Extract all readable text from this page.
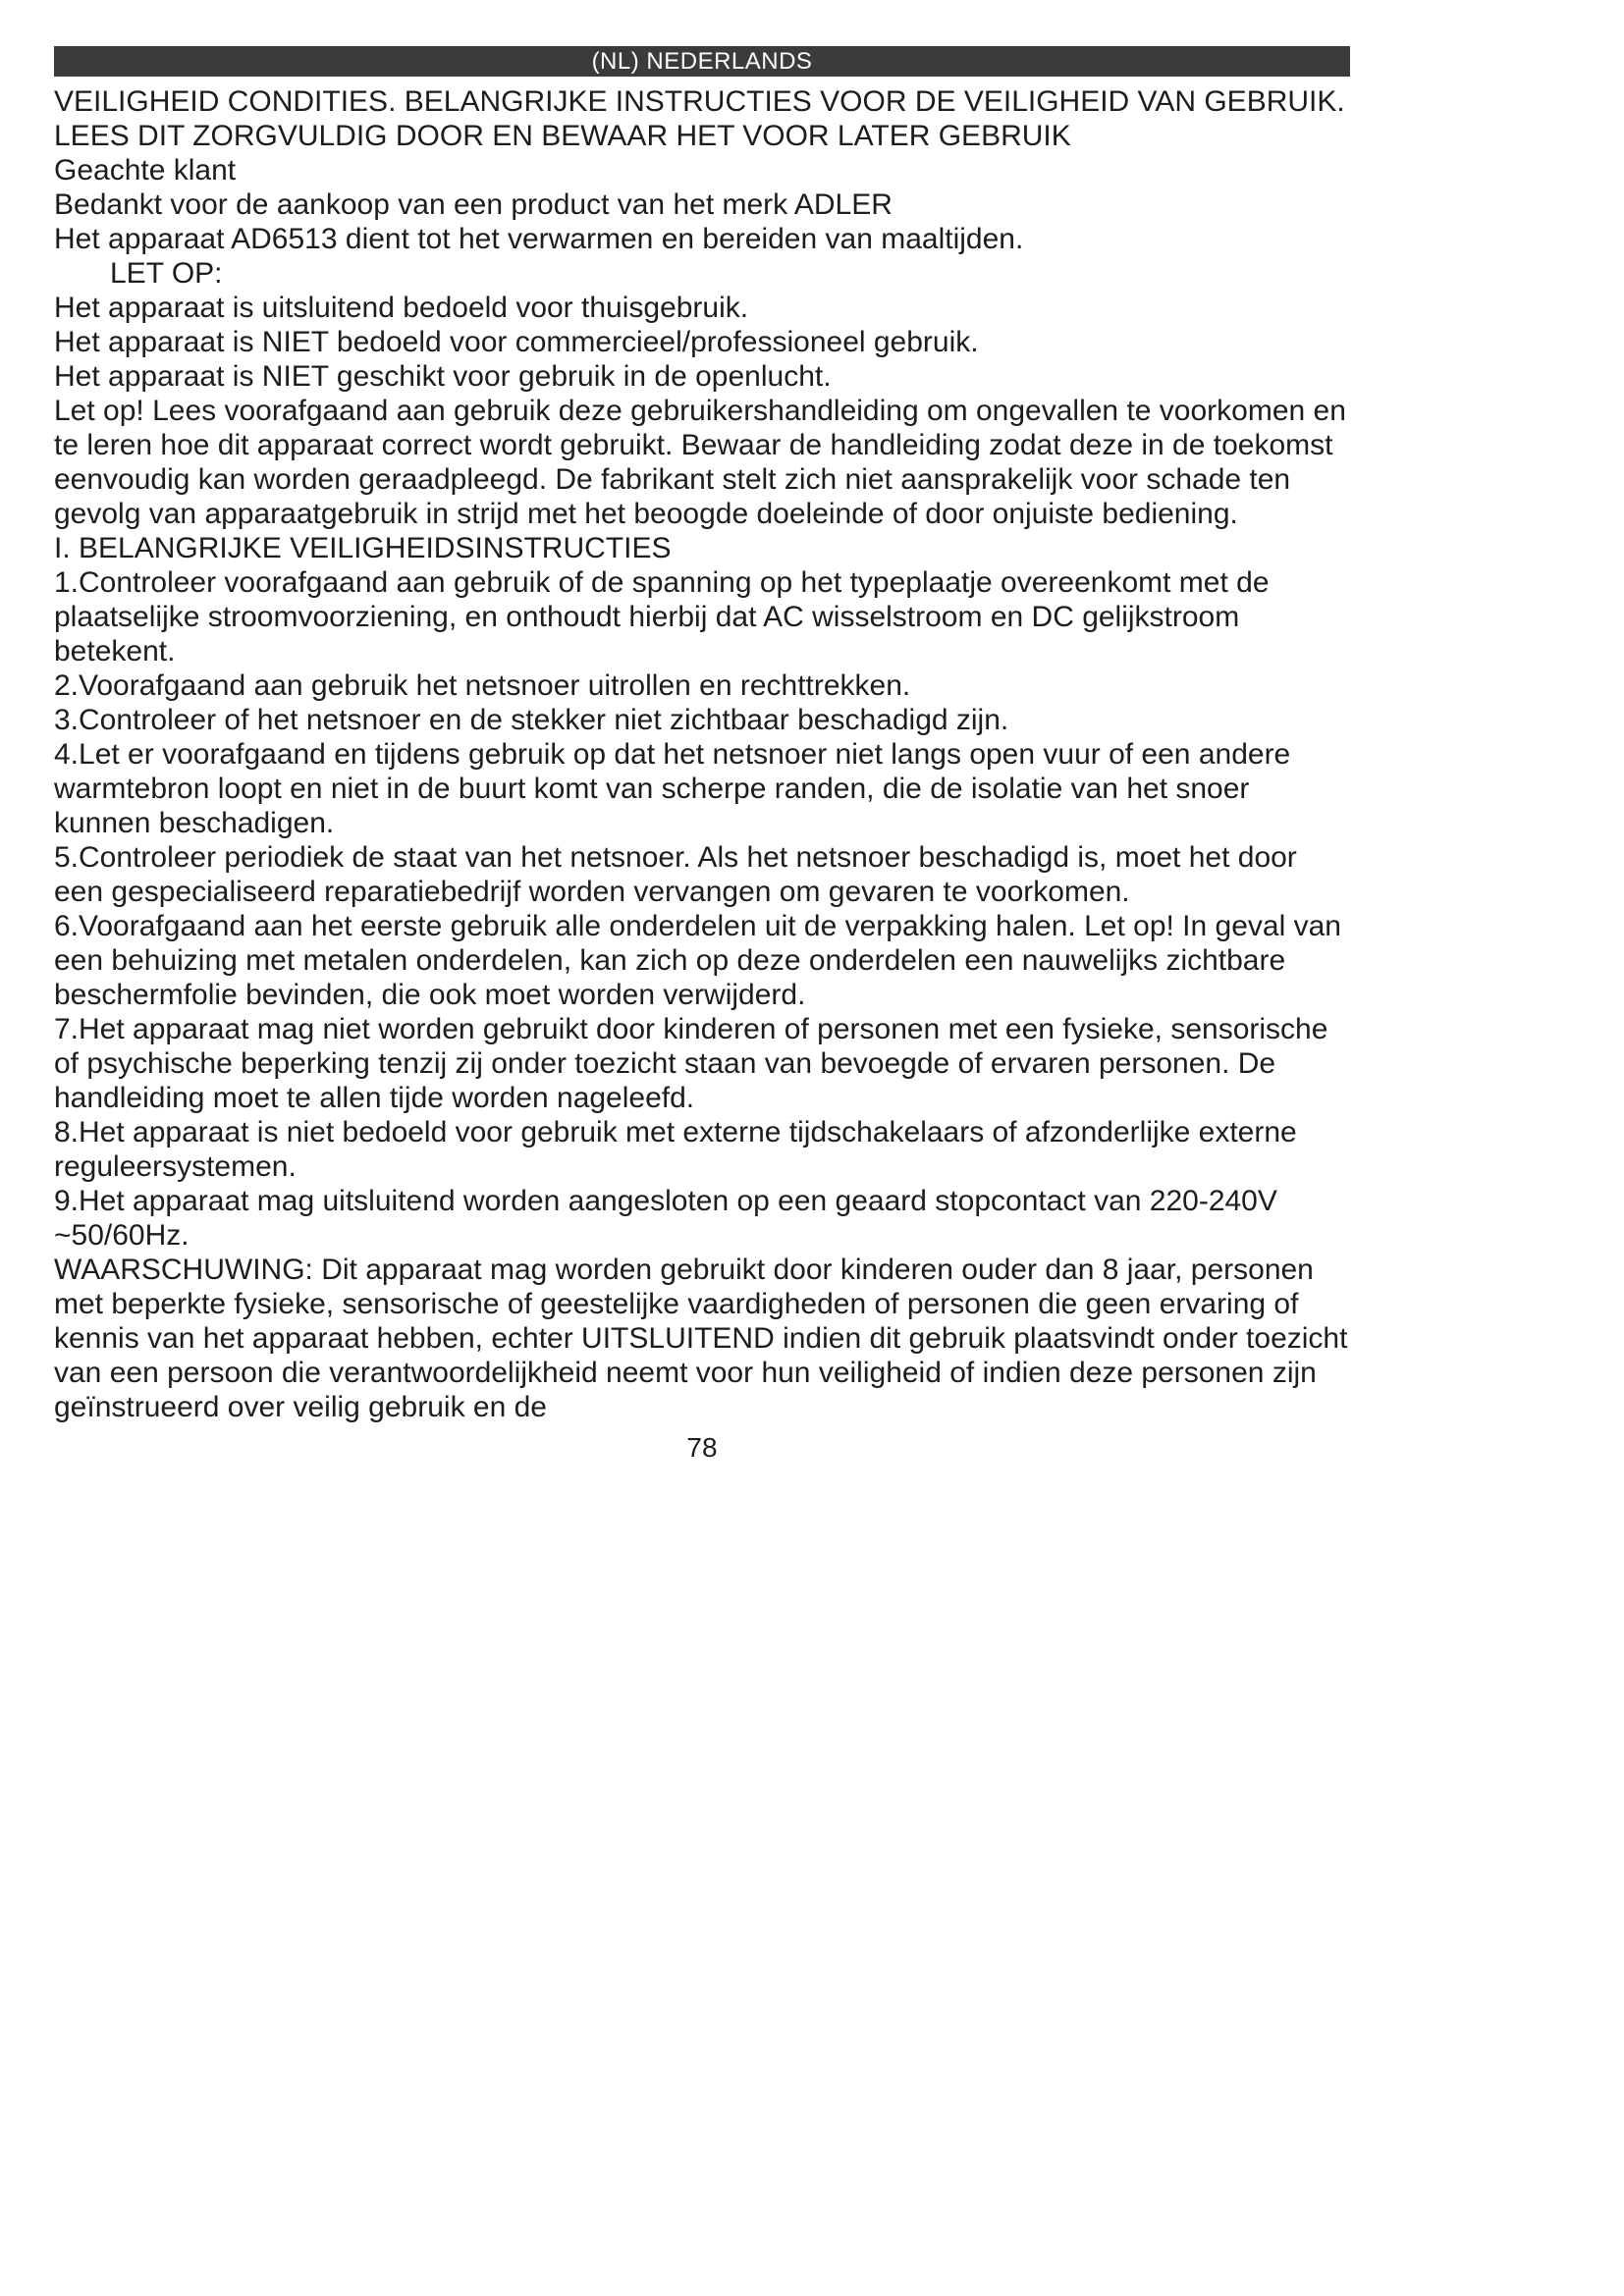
(NL) NEDERLANDS

VEILIGHEID CONDITIES. BELANGRIJKE INSTRUCTIES VOOR DE VEILIGHEID VAN GEBRUIK. LEES DIT ZORGVULDIG DOOR EN BEWAAR HET VOOR LATER GEBRUIK

Geachte klant

Bedankt voor de aankoop van een product van het merk ADLER

Het apparaat AD6513 dient tot het verwarmen en bereiden van maaltijden.

LET OP:

Het apparaat is uitsluitend bedoeld voor thuisgebruik.

Het apparaat is NIET bedoeld voor commercieel/professioneel gebruik.

Het apparaat is NIET geschikt voor gebruik in de openlucht.

Let op! Lees voorafgaand aan gebruik deze gebruikershandleiding om ongevallen te voorkomen en te leren hoe dit apparaat correct wordt gebruikt. Bewaar de handleiding zodat deze in de toekomst eenvoudig kan worden geraadpleegd. De fabrikant stelt zich niet aansprakelijk voor schade ten gevolg van apparaatgebruik in strijd met het beoogde doeleinde of door onjuiste bediening.

I. BELANGRIJKE VEILIGHEIDSINSTRUCTIES

1.Controleer voorafgaand aan gebruik of de spanning op het typeplaatje overeenkomt met de plaatselijke stroomvoorziening, en onthoudt hierbij dat AC wisselstroom en DC gelijkstroom betekent.

2.Voorafgaand aan gebruik het netsnoer uitrollen en rechttrekken.

3.Controleer of het netsnoer en de stekker niet zichtbaar beschadigd zijn.

4.Let er voorafgaand en tijdens gebruik op dat het netsnoer niet langs open vuur of een andere warmtebron loopt en niet in de buurt komt van scherpe randen, die de isolatie van het snoer kunnen beschadigen.

5.Controleer periodiek de staat van het netsnoer. Als het netsnoer beschadigd is, moet het door een gespecialiseerd reparatiebedrijf worden vervangen om gevaren te voorkomen.

6.Voorafgaand aan het eerste gebruik alle onderdelen uit de verpakking halen. Let op! In geval van een behuizing met metalen onderdelen, kan zich op deze onderdelen een nauwelijks zichtbare beschermfolie bevinden, die ook moet worden verwijderd.

7.Het apparaat mag niet worden gebruikt door kinderen of personen met een fysieke, sensorische of psychische beperking tenzij zij onder toezicht staan van bevoegde of ervaren personen. De handleiding moet te allen tijde worden nageleefd.

8.Het apparaat is niet bedoeld voor gebruik met externe tijdschakelaars of afzonderlijke externe reguleersystemen.

9.Het apparaat mag uitsluitend worden aangesloten op een geaard stopcontact van 220-240V ~50/60Hz.

WAARSCHUWING: Dit apparaat mag worden gebruikt door kinderen ouder dan 8 jaar, personen met beperkte fysieke, sensorische of geestelijke vaardigheden of personen die geen ervaring of kennis van het apparaat hebben, echter UITSLUITEND indien dit gebruik plaatsvindt onder toezicht van een persoon die verantwoordelijkheid neemt voor hun veiligheid of indien deze personen zijn geïnstrueerd over veilig gebruik en de

78
